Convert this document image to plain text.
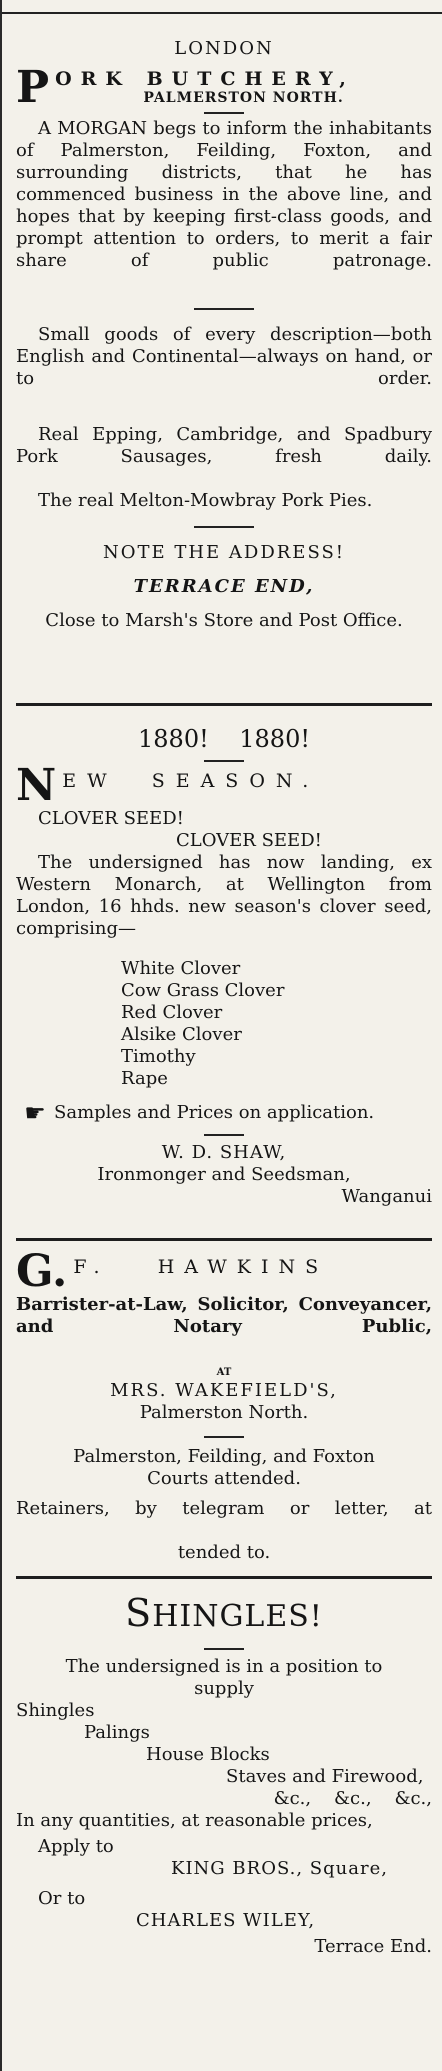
LONDON

P ORK BUTCHERY,
PALMERSTON NORTH.

A MORGAN begs to inform the inhabitants of Palmerston, Feilding, Foxton, and surrounding districts, that he has commenced business in the above line, and hopes that by keeping first-class goods, and prompt attention to orders, to merit a fair share of public patronage.

Small goods of every description—both English and Continental—always on hand, or to order.

Real Epping, Cambridge, and Spadbury Pork Sausages, fresh daily.

The real Melton-Mowbray Pork Pies.

NOTE THE ADDRESS!

TERRACE END,

Close to Marsh's Store and Post Office.

1880!    1880!

N EW  SEASON.

CLOVER SEED!

CLOVER SEED!

The undersigned has now landing, ex Western Monarch, at Wellington from London, 16 hhds. new season's clover seed, comprising—

White Clover

Cow Grass Clover

Red Clover

Alsike Clover

Timothy

Rape

☛ Samples and Prices on application.

W. D. SHAW,

Ironmonger and Seedsman,

Wanganui

G. F.   HAWKINS

Barrister-at-Law, Solicitor, Conveyancer, and Notary Public,

AT

MRS. WAKEFIELD'S,

Palmerston North.

Palmerston, Feilding, and Foxton

Courts attended.

Retainers, by telegram or letter, at

tended to.

SHINGLES!

The undersigned is in a position to

supply

Shingles

Palings

House Blocks

Staves and Firewood,

&c.,    &c.,    &c.,

In any quantities, at reasonable prices,

Apply to

KING BROS., Square,

Or to

CHARLES WILEY,

Terrace End.
